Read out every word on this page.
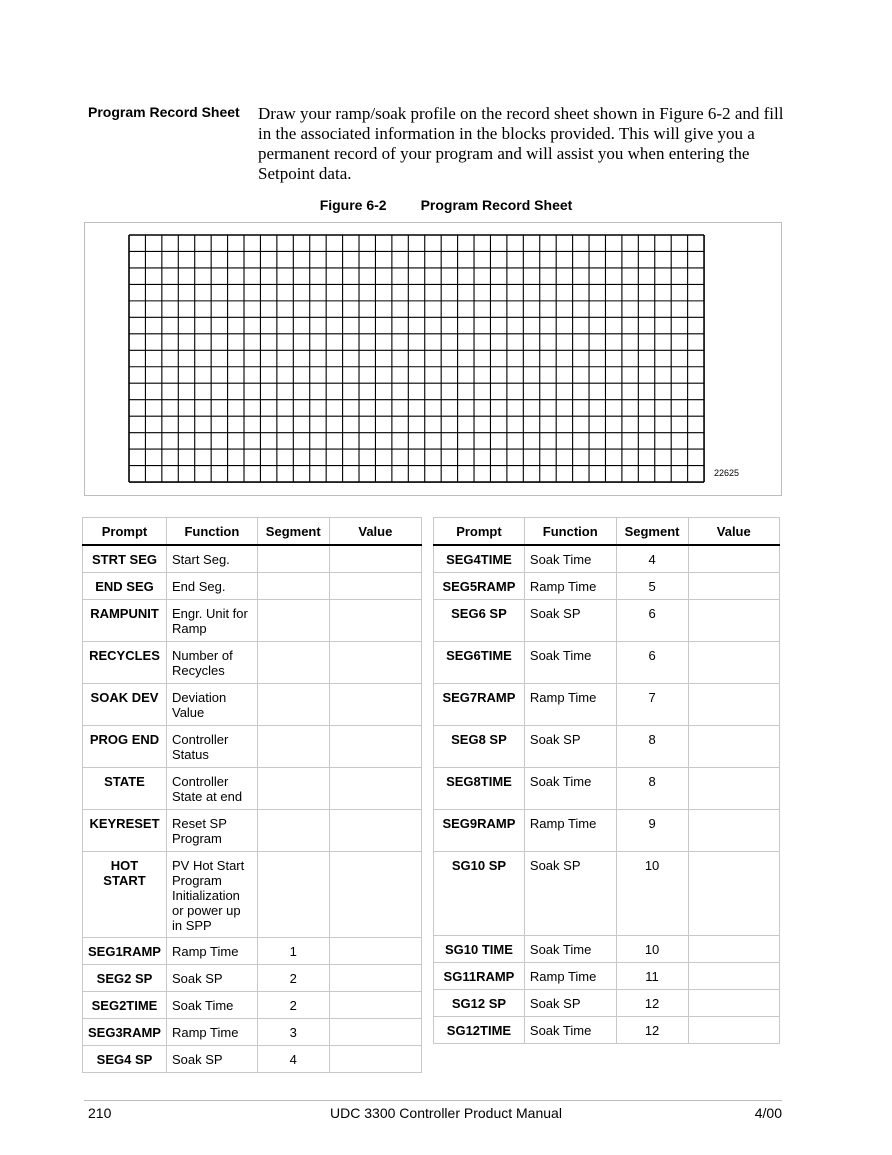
Program Record Sheet Draw your ramp/soak profile on the record sheet shown in Figure 6-2 and fill in the associated information in the blocks provided. This will give you a permanent record of your program and will assist you when entering the Setpoint data.
Figure 6-2 Program Record Sheet
22625
Prompt	Function	Segment	Value
STRT SEG	Start Seg.		
END SEG	End Seg.		
RAMPUNIT	Engr. Unit for Ramp		
RECYCLES	Number of Recycles		
SOAK DEV	Deviation Value		
PROG END	Controller Status		
STATE	Controller State at end		
KEYRESET	Reset SP Program		
HOT START	PV Hot Start Program Initialization or power up in SPP		
SEG1RAMP	Ramp Time	1	
SEG2 SP	Soak SP	2	
SEG2TIME	Soak Time	2	
SEG3RAMP	Ramp Time	3	
SEG4 SP	Soak SP	4	
Prompt	Function	Segment	Value
SEG4TIME	Soak Time	4	
SEG5RAMP	Ramp Time	5	
SEG6 SP	Soak SP	6	
SEG6TIME	Soak Time	6	
SEG7RAMP	Ramp Time	7	
SEG8 SP	Soak SP	8	
SEG8TIME	Soak Time	8	
SEG9RAMP	Ramp Time	9	
SG10 SP	Soak SP	10	
SG10 TIME	Soak Time	10	
SG11RAMP	Ramp Time	11	
SG12 SP	Soak SP	12	
SG12TIME	Soak Time	12	
210	UDC 3300 Controller Product Manual	4/00
